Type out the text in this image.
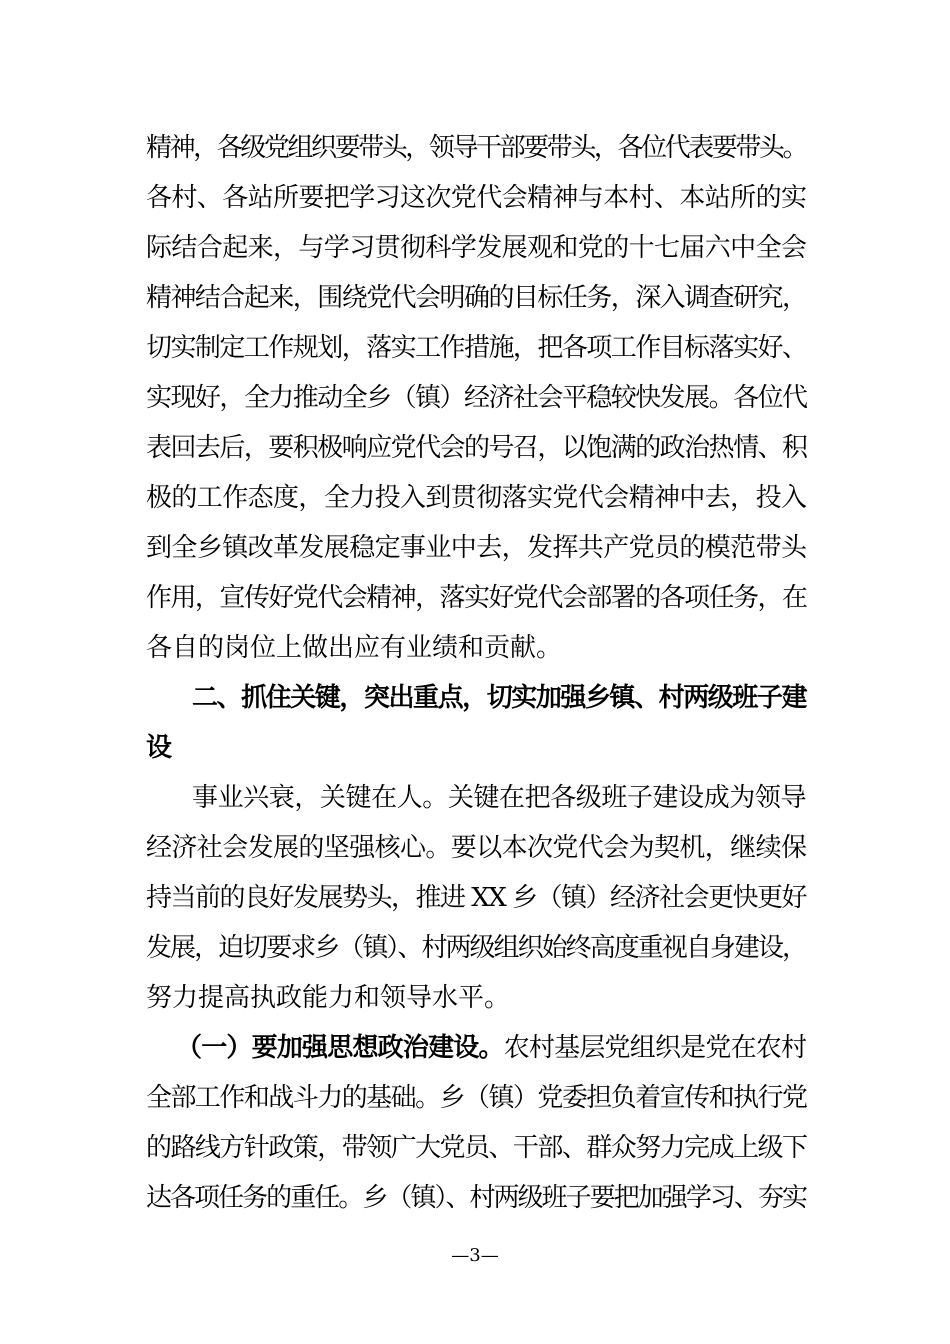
精神，各级党组织要带头，领导干部要带头，各位代表要带头。
各村、各站所要把学习这次党代会精神与本村、本站所的实
际结合起来，与学习贯彻科学发展观和党的十七届六中全会
精神结合起来，围绕党代会明确的目标任务，深入调查研究，
切实制定工作规划，落实工作措施，把各项工作目标落实好、
实现好，全力推动全乡（镇）经济社会平稳较快发展。各位代
表回去后，要积极响应党代会的号召，以饱满的政治热情、积
极的工作态度，全力投入到贯彻落实党代会精神中去，投入
到全乡镇改革发展稳定事业中去，发挥共产党员的模范带头
作用，宣传好党代会精神，落实好党代会部署的各项任务，在
各自的岗位上做出应有业绩和贡献。
二、抓住关键，突出重点，切实加强乡镇、村两级班子建
设
事业兴衰，关键在人。关键在把各级班子建设成为领导
经济社会发展的坚强核心。要以本次党代会为契机，继续保
持当前的良好发展势头，推进 XX 乡（镇）经济社会更快更好
发展，迫切要求乡（镇）、村两级组织始终高度重视自身建设，
努力提高执政能力和领导水平。
（一）要加强思想政治建设。农村基层党组织是党在农村
全部工作和战斗力的基础。乡（镇）党委担负着宣传和执行党
的路线方针政策，带领广大党员、干部、群众努力完成上级下
达各项任务的重任。乡（镇）、村两级班子要把加强学习、夯实
—3—
